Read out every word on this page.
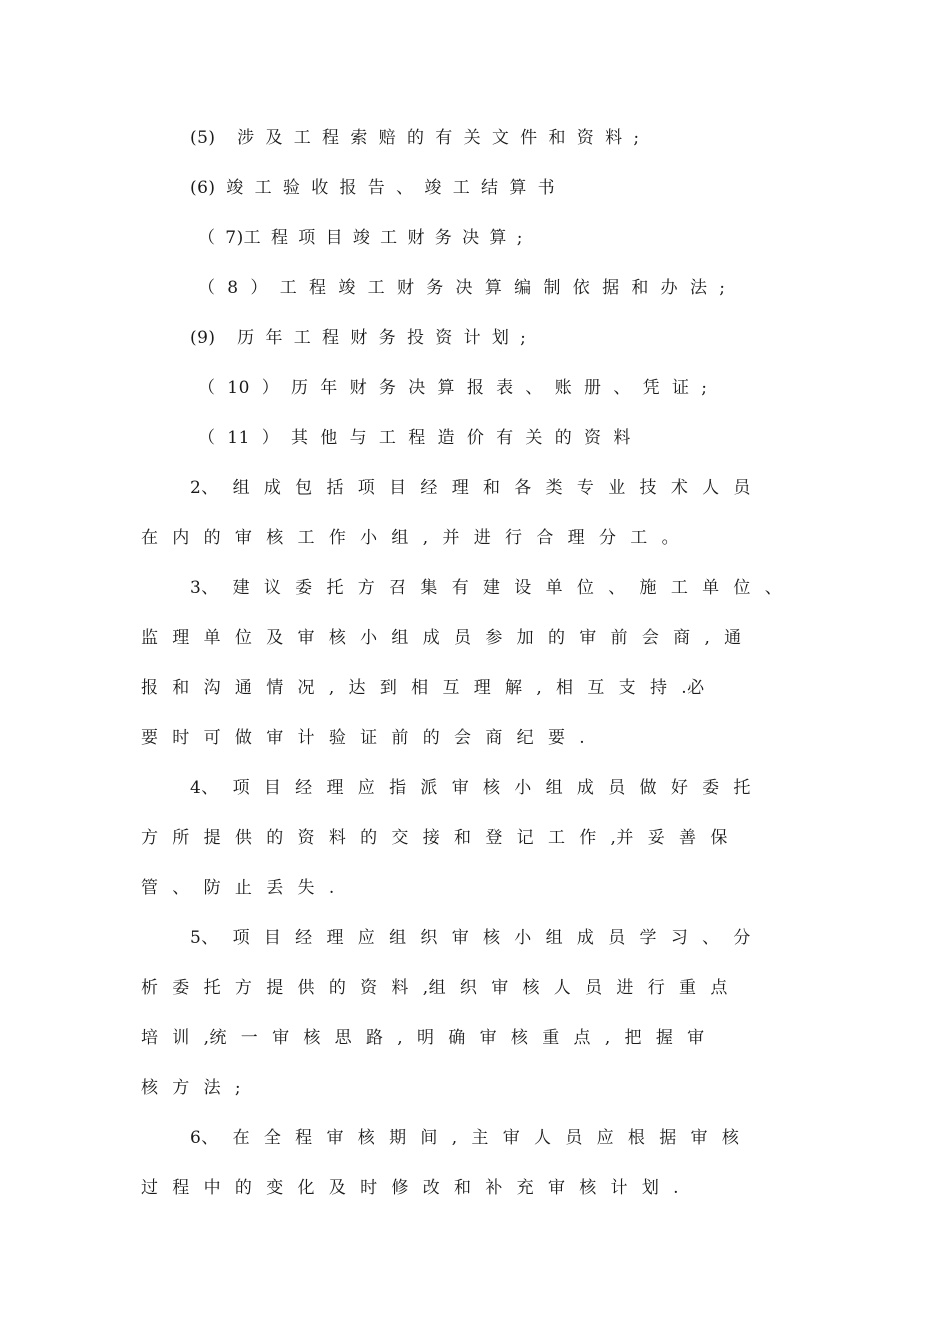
(5)  涉 及 工 程 索 赔 的 有 关 文 件 和 资 料 ;
(6) 竣 工 验 收 报 告 、 竣 工 结 算 书
（ 7)工 程 项 目 竣 工 财 务 决 算 ;
（ 8 ） 工 程 竣 工 财 务 决 算 编 制 依 据 和 办 法 ;
(9)  历 年 工 程 财 务 投 资 计 划 ;
（ 10 ） 历 年 财 务 决 算 报 表 、 账 册 、 凭 证 ;
（ 11 ） 其 他 与 工 程 造 价 有 关 的 资 料
2、 组 成 包 括 项 目 经 理 和 各 类 专 业 技 术 人 员
在 内 的 审 核 工 作 小 组 , 并 进 行 合 理 分 工 。
3、 建 议 委 托 方 召 集 有 建 设 单 位 、 施 工 单 位 、
监 理 单 位 及 审 核 小 组 成 员 参 加 的 审 前 会 商 , 通
报 和 沟 通 情 况 , 达 到 相 互 理 解 , 相 互 支 持 .必
要 时 可 做 审 计 验 证 前 的 会 商 纪 要 .
4、 项 目 经 理 应 指 派 审 核 小 组 成 员 做 好 委 托
方 所 提 供 的 资 料 的 交 接 和 登 记 工 作 ,并 妥 善 保
管 、 防 止 丢 失 .
5、 项 目 经 理 应 组 织 审 核 小 组 成 员 学 习 、 分
析 委 托 方 提 供 的 资 料 ,组 织 审 核 人 员 进 行 重 点
培 训 ,统 一 审 核 思 路 , 明 确 审 核 重 点 , 把 握 审
核 方 法 ;
6、 在 全 程 审 核 期 间 , 主 审 人 员 应 根 据 审 核
过 程 中 的 变 化 及 时 修 改 和 补 充 审 核 计 划 .
